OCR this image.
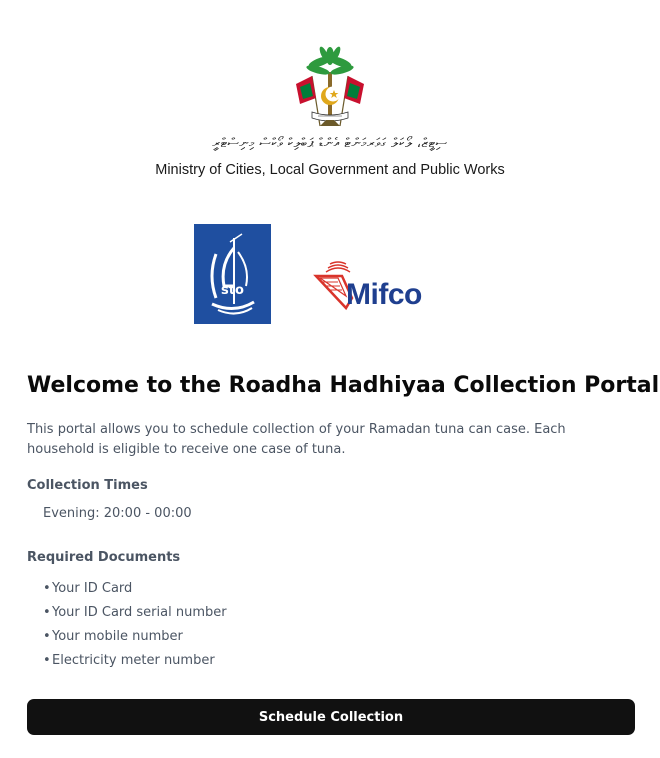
ސިޓީޒް، ލޯކަލް ގަވަރމަންޓް އެންޑް ޕަބްލިކް ވޯކްސް މިނިސްޓްރީ
Ministry of Cities, Local Government and Public Works
sto	Mifco
Welcome to the Roadha Hadhiyaa Collection Portal

This portal allows you to schedule collection of your Ramadan tuna can case. Each household is eligible to receive one case of tuna.

Collection Times
Evening: 20:00 - 00:00
Required Documents
•Your ID Card
•Your ID Card serial number
•Your mobile number
•Electricity meter number
Schedule Collection
